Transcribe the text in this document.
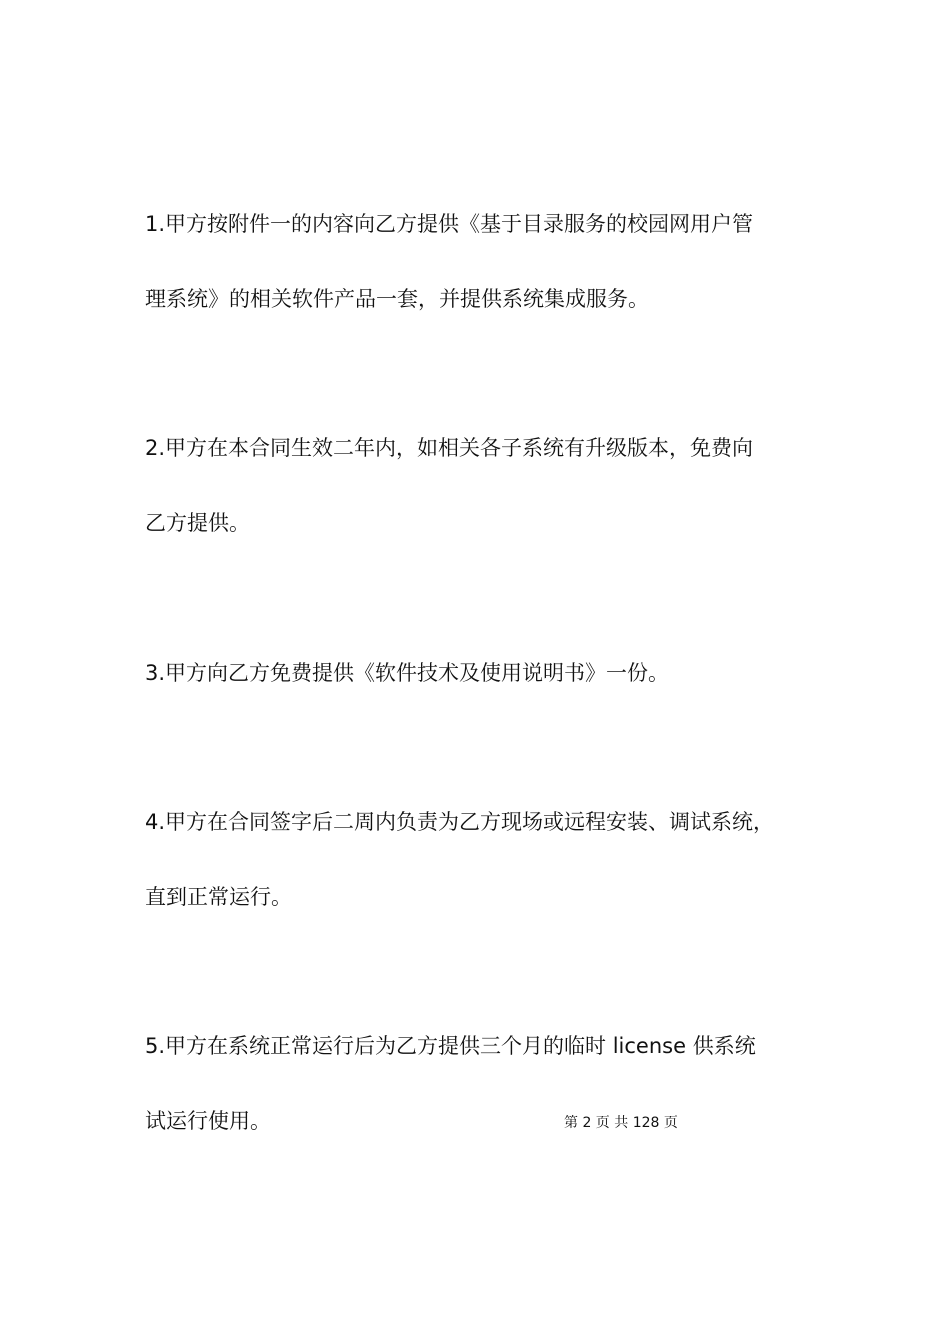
1.甲方按附件一的内容向乙方提供《基于目录服务的校园网用户管
理系统》的相关软件产品一套，并提供系统集成服务。
2.甲方在本合同生效二年内，如相关各子系统有升级版本，免费向
乙方提供。
3.甲方向乙方免费提供《软件技术及使用说明书》一份。
4.甲方在合同签字后二周内负责为乙方现场或远程安装、调试系统，
直到正常运行。
5.甲方在系统正常运行后为乙方提供三个月的临时 license 供系统
试运行使用。	第 2 页 共 128 页
